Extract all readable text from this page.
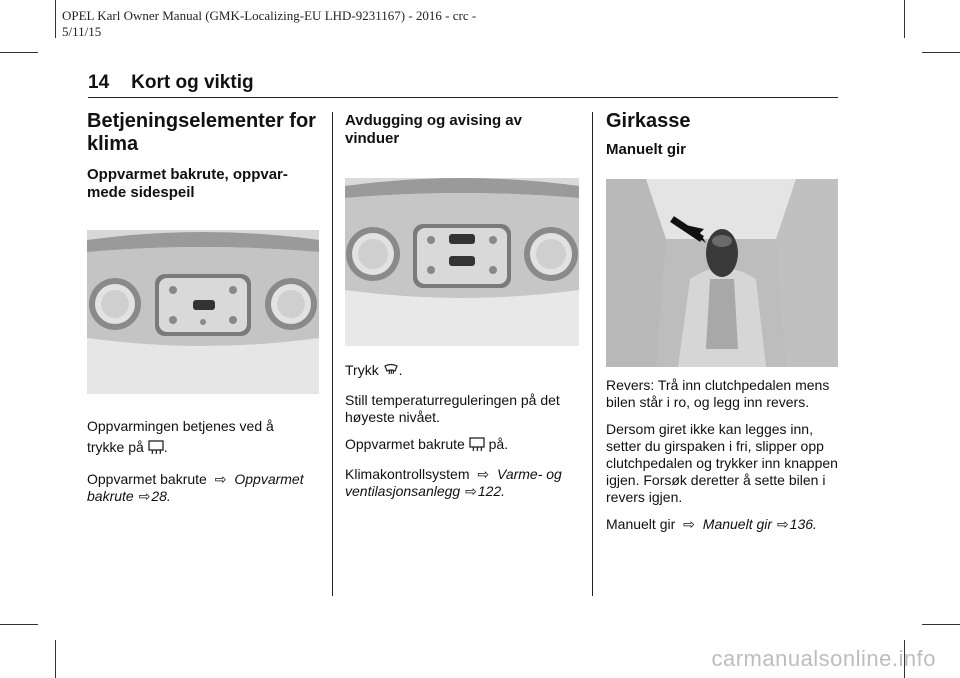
OPEL Karl Owner Manual (GMK-Localizing-EU LHD-9231167) - 2016 - crc -
5/11/15
14 Kort og viktig
Betjeningselementer for klima
Oppvarmet bakrute, oppvar-mede sidespeil

Oppvarmingen betjenes ved å

trykke på .

Oppvarmet bakrute ⇨ Oppvarmet
bakrute ⇨28.

Avdugging og avising av vinduer

Trykk .

Still temperaturreguleringen på det høyeste nivået.

Oppvarmet bakrute på.

Klimakontrollsystem ⇨ Varme- og
ventilasjonsanlegg ⇨122.

Girkasse
Manuelt gir

Revers: Trå inn clutchpedalen mens bilen står i ro, og legg inn revers.

Dersom giret ikke kan legges inn, setter du girspaken i fri, slipper opp clutchpedalen og trykker inn knappen igjen. Forsøk deretter å sette bilen i revers igjen.

Manuelt gir ⇨ Manuelt gir ⇨136.

carmanualsonline.info
